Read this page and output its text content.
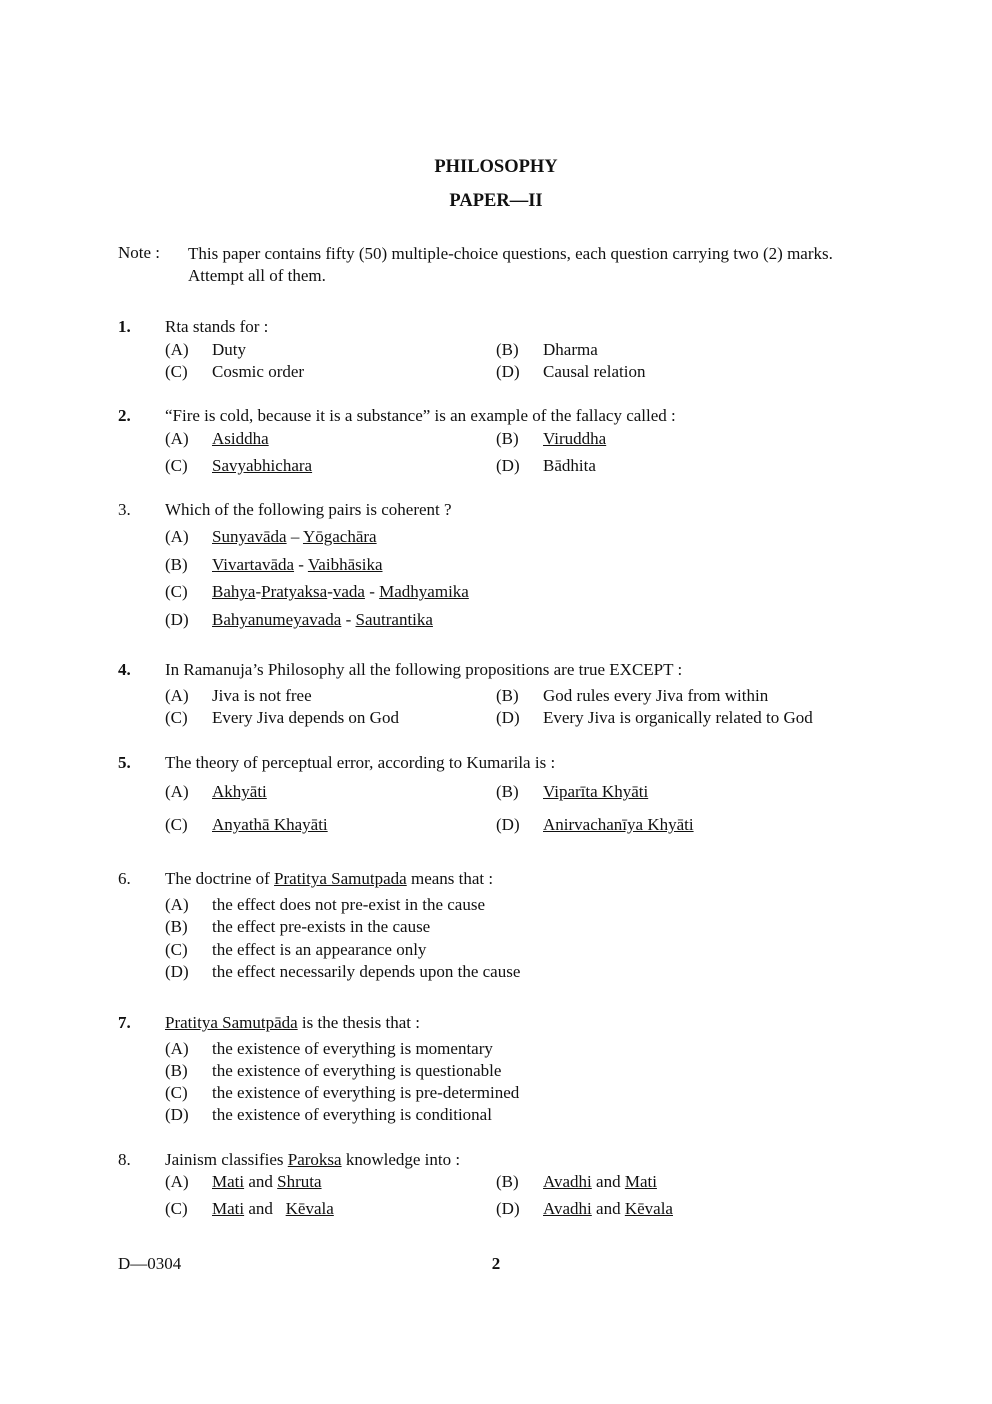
PHILOSOPHY
PAPER—II
Note : This paper contains fifty (50) multiple-choice questions, each question carrying two (2) marks. Attempt all of them.
1. Rta stands for :
(A) Duty	(B) Dharma
(C) Cosmic order	(D) Causal relation
2. “Fire is cold, because it is a substance” is an example of the fallacy called :
(A) Asiddha	(B) Viruddha
(C) Savyabhichara	(D) Bādhita
3. Which of the following pairs is coherent ?
(A) Sunyavāda – Yōgachāra
(B) Vivartavāda - Vaibhāsika
(C) Bahya-Pratyaksa-vada - Madhyamika
(D) Bahyanumeyavada - Sautrantika
4. In Ramanuja’s Philosophy all the following propositions are true EXCEPT :
(A) Jiva is not free	(B) God rules every Jiva from within
(C) Every Jiva depends on God	(D) Every Jiva is organically related to God
5. The theory of perceptual error, according to Kumarila is :
(A) Akhyāti	(B) Viparīta Khyāti
(C) Anyathā Khayāti	(D) Anirvachanīya Khyāti
6. The doctrine of Pratitya Samutpada means that :
(A) the effect does not pre-exist in the cause
(B) the effect pre-exists in the cause
(C) the effect is an appearance only
(D) the effect necessarily depends upon the cause
7. Pratitya Samutpāda is the thesis that :
(A) the existence of everything is momentary
(B) the existence of everything is questionable
(C) the existence of everything is pre-determined
(D) the existence of everything is conditional
8. Jainism classifies Paroksa knowledge into :
(A) Mati and Shruta	(B) Avadhi and Mati
(C) Mati and   Kēvala	(D) Avadhi and Kēvala
D—0304	2
